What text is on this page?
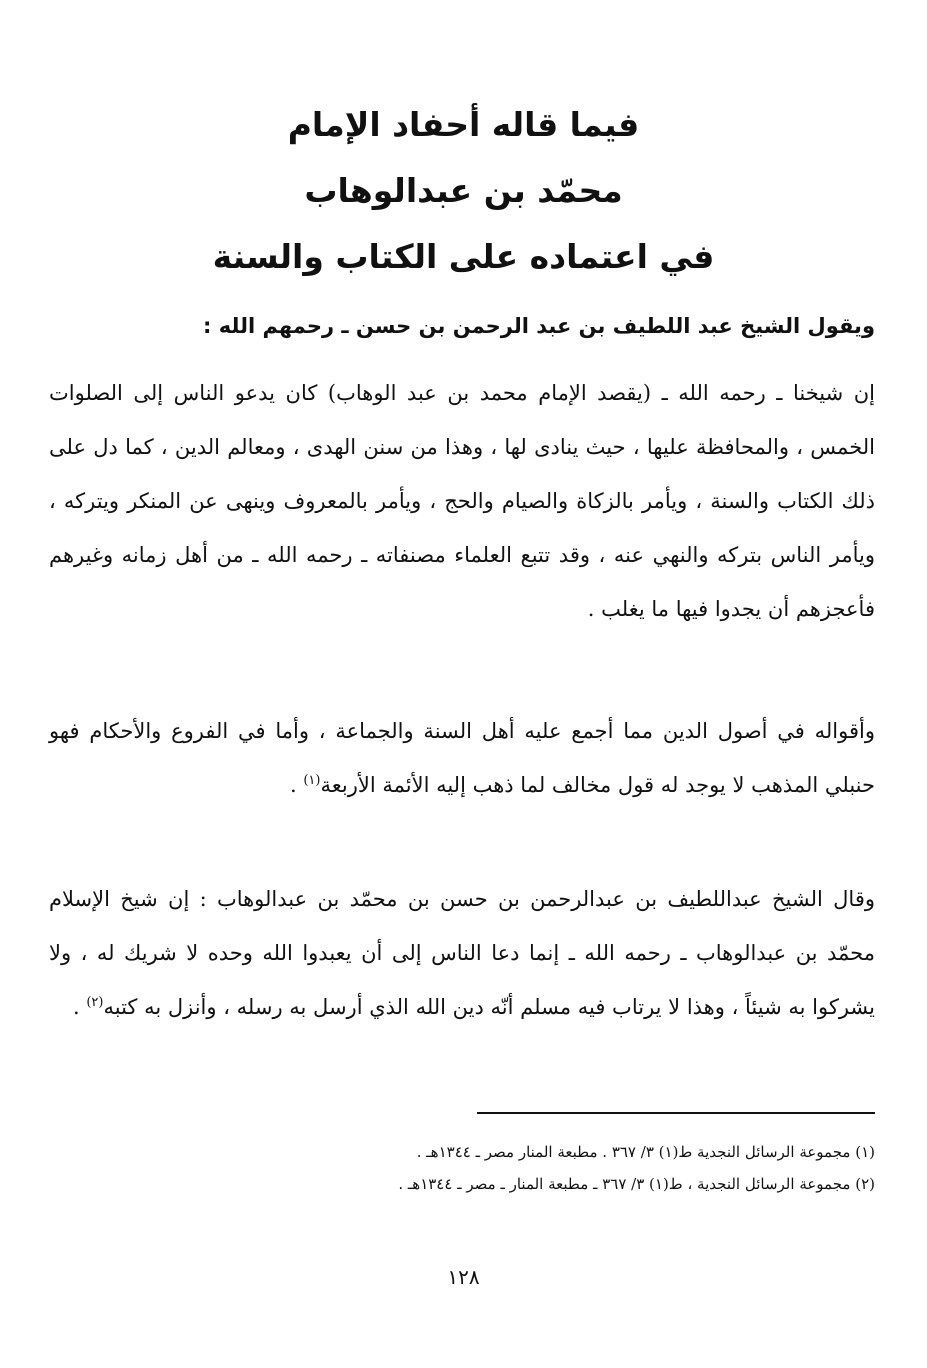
فيما قاله أحفاد الإمام

محمّد بن عبدالوهاب

في اعتماده على الكتاب والسنة

ويقول الشيخ عبد اللطيف بن عبد الرحمن بن حسن ـ رحمهم الله :

إن شيخنا ـ رحمه الله ـ (يقصد الإمام محمد بن عبد الوهاب) كان يدعو الناس إلى الصلوات الخمس ، والمحافظة عليها ، حيث ينادى لها ، وهذا من سنن الهدى ، ومعالم الدين ، كما دل على ذلك الكتاب والسنة ، ويأمر بالزكاة والصيام والحج ، ويأمر بالمعروف وينهى عن المنكر ويتركه ، ويأمر الناس بتركه والنهي عنه ، وقد تتبع العلماء مصنفاته ـ رحمه الله ـ من أهل زمانه وغيرهم فأعجزهم أن يجدوا فيها ما يغلب .

وأقواله في أصول الدين مما أجمع عليه أهل السنة والجماعة ، وأما في الفروع والأحكام فهو حنبلي المذهب لا يوجد له قول مخالف لما ذهب إليه الأئمة الأربعة$^{(١)}$ .

وقال الشيخ عبداللطيف بن عبدالرحمن بن حسن بن محمّد بن عبدالوهاب : إن شيخ الإسلام محمّد بن عبدالوهاب ـ رحمه الله ـ إنما دعا الناس إلى أن يعبدوا الله وحده لا شريك له ، ولا يشركوا به شيئاً ، وهذا لا يرتاب فيه مسلم أنّه دين الله الذي أرسل به رسله ، وأنزل به كتبه$^{(٢)}$ .

(١) مجموعة الرسائل النجدية ط(١) ٣/ ٣٦٧ . مطبعة المنار مصر ـ ١٣٤٤هـ .

(٢) مجموعة الرسائل النجدية ، ط(١) ٣/ ٣٦٧ ـ مطبعة المنار ـ مصر ـ ١٣٤٤هـ .

١٢٨
